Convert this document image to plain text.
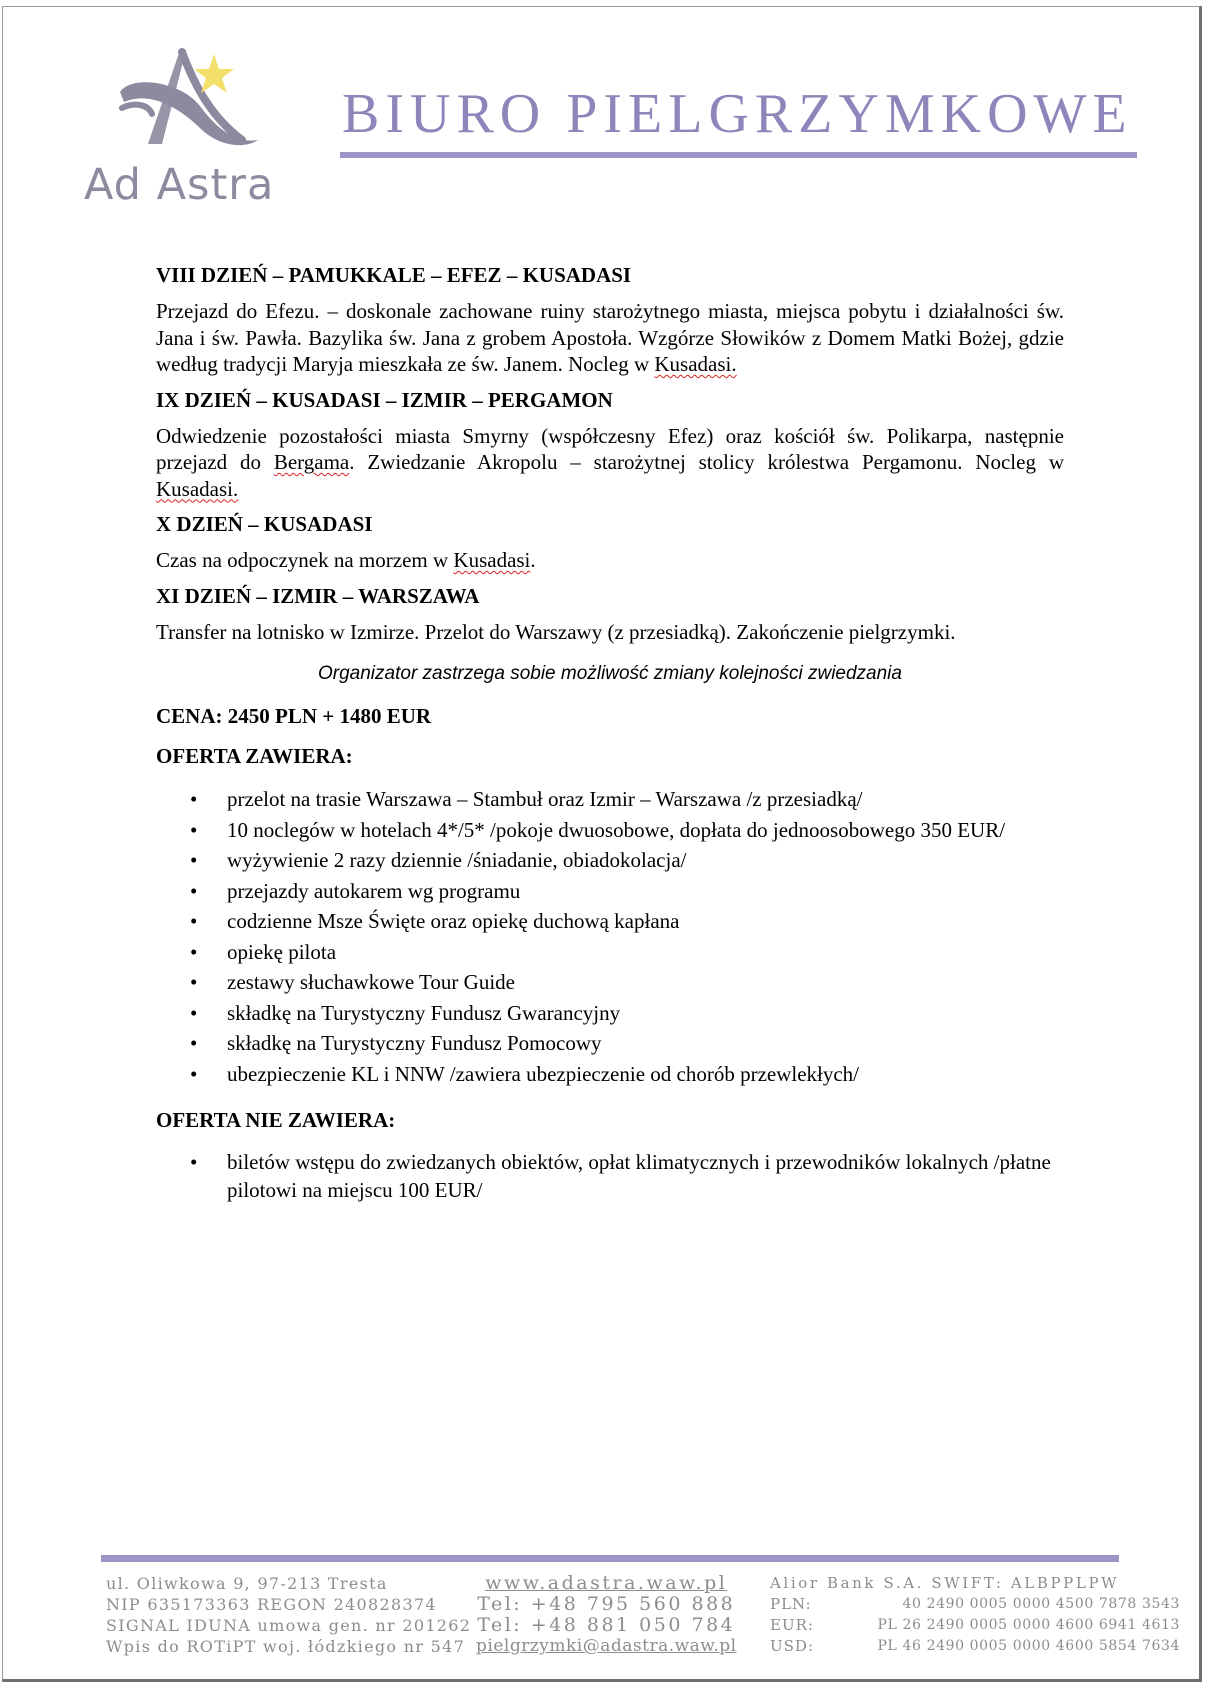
Ad Astra
BIURO PIELGRZYMKOWE
VIII DZIEŃ – PAMUKKALE – EFEZ – KUSADASI

Przejazd do Efezu. – doskonale zachowane ruiny starożytnego miasta, miejsca pobytu i działalności św. Jana i św. Pawła. Bazylika św. Jana z grobem Apostoła. Wzgórze Słowików z Domem Matki Bożej, gdzie według tradycji Maryja mieszkała ze św. Janem. Nocleg w Kusadasi.

IX DZIEŃ – KUSADASI – IZMIR – PERGAMON

Odwiedzenie pozostałości miasta Smyrny (współczesny Efez) oraz kościół św. Polikarpa, następnie przejazd do Bergama. Zwiedzanie Akropolu – starożytnej stolicy królestwa Pergamonu. Nocleg w Kusadasi.

X DZIEŃ – KUSADASI

Czas na odpoczynek na morzem w Kusadasi.

XI DZIEŃ – IZMIR – WARSZAWA

Transfer na lotnisko w Izmirze. Przelot do Warszawy (z przesiadką). Zakończenie pielgrzymki.

Organizator zastrzega sobie możliwość zmiany kolejności zwiedzania

CENA: 2450 PLN + 1480 EUR

OFERTA ZAWIERA:
• przelot na trasie Warszawa – Stambuł oraz Izmir – Warszawa /z przesiadką/
• 10 noclegów w hotelach 4*/5* /pokoje dwuosobowe, dopłata do jednoosobowego 350 EUR/
• wyżywienie 2 razy dziennie /śniadanie, obiadokolacja/
• przejazdy autokarem wg programu
• codzienne Msze Święte oraz opiekę duchową kapłana
• opiekę pilota
• zestawy słuchawkowe Tour Guide
• składkę na Turystyczny Fundusz Gwarancyjny
• składkę na Turystyczny Fundusz Pomocowy
• ubezpieczenie KL i NNW /zawiera ubezpieczenie od chorób przewlekłych/
OFERTA NIE ZAWIERA:
• biletów wstępu do zwiedzanych obiektów, opłat klimatycznych i przewodników lokalnych /płatne pilotowi na miejscu 100 EUR/
ul. Oliwkowa 9, 97-213 Tresta
NIP 635173363 REGON 240828374
SIGNAL IDUNA umowa gen. nr 201262
Wpis do ROTiPT woj. łódzkiego nr 547
www.adastra.waw.pl
Tel: +48 795 560 888
Tel: +48 881 050 784
pielgrzymki@adastra.waw.pl
Alior Bank S.A. SWIFT: ALBPPLPW
PLN:	40 2490 0005 0000 4500 7878 3543
EUR:	PL 26 2490 0005 0000 4600 6941 4613
USD:	PL 46 2490 0005 0000 4600 5854 7634
